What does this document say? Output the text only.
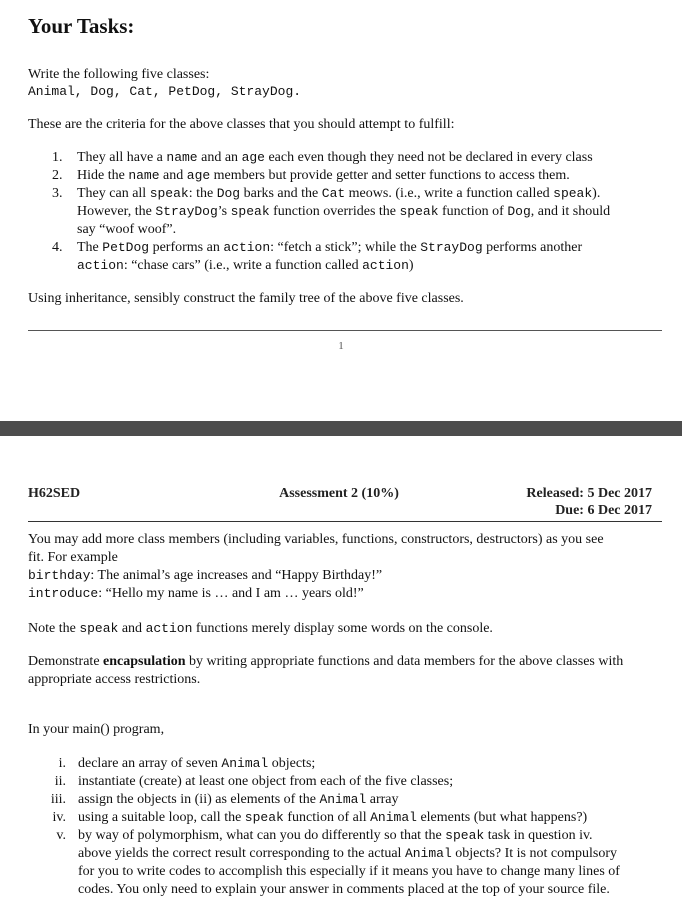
Your Tasks:
Write the following five classes:
Animal, Dog, Cat, PetDog, StrayDog.
These are the criteria for the above classes that you should attempt to fulfill:
1.	They all have a name and an age each even though they need not be declared in every class
2.	Hide the name and age members but provide getter and setter functions to access them.
3.	They can all speak: the Dog barks and the Cat meows. (i.e., write a function called speak).
However, the StrayDog’s speak function overrides the speak function of Dog, and it should
say “woof woof”.
4.	The PetDog performs an action: “fetch a stick”; while the StrayDog performs another
action: “chase cars” (i.e., write a function called action)
Using inheritance, sensibly construct the family tree of the above five classes.
1
H62SED	Assessment 2 (10%)	Released: 5 Dec 2017
Due: 6 Dec 2017
You may add more class members (including variables, functions, constructors, destructors) as you see
fit. For example
birthday: The animal’s age increases and “Happy Birthday!”
introduce: “Hello my name is … and I am … years old!”
Note the speak and action functions merely display some words on the console.
Demonstrate encapsulation by writing appropriate functions and data members for the above classes with
appropriate access restrictions.
In your main() program,
i. declare an array of seven Animal objects;
ii. instantiate (create) at least one object from each of the five classes;
iii. assign the objects in (ii) as elements of the Animal array
iv. using a suitable loop, call the speak function of all Animal elements (but what happens?)
v. by way of polymorphism, what can you do differently so that the speak task in question iv.
above yields the correct result corresponding to the actual Animal objects? It is not compulsory
for you to write codes to accomplish this especially if it means you have to change many lines of
codes. You only need to explain your answer in comments placed at the top of your source file.
